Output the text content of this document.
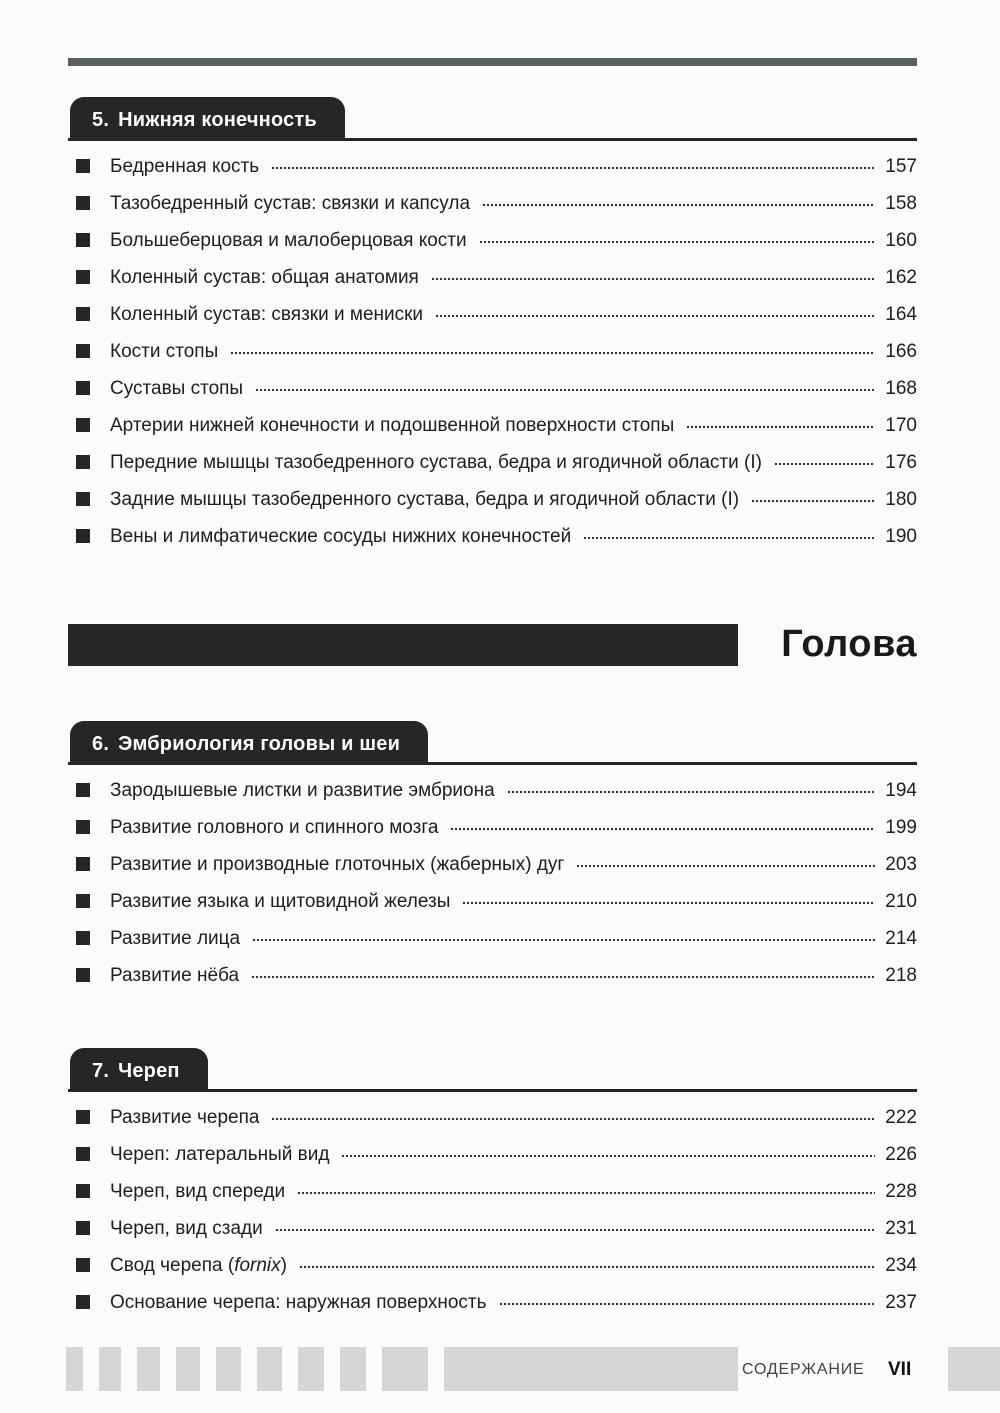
5. Нижняя конечность
Бедренная кость	157
Тазобедренный сустав: связки и капсула	158
Большеберцовая и малоберцовая кости	160
Коленный сустав: общая анатомия	162
Коленный сустав: связки и мениски	164
Кости стопы	166
Суставы стопы	168
Артерии нижней конечности и подошвенной поверхности стопы	170
Передние мышцы тазобедренного сустава, бедра и ягодичной области (I)	176
Задние мышцы тазобедренного сустава, бедра и ягодичной области (I)	180
Вены и лимфатические сосуды нижних конечностей	190
Голова
6. Эмбриология головы и шеи
Зародышевые листки и развитие эмбриона	194
Развитие головного и спинного мозга	199
Развитие и производные глоточных (жаберных) дуг	203
Развитие языка и щитовидной железы	210
Развитие лица	214
Развитие нёба	218
7. Череп
Развитие черепа	222
Череп: латеральный вид	226
Череп, вид спереди	228
Череп, вид сзади	231
Свод черепа (fornix)	234
Основание черепа: наружная поверхность	237
СОДЕРЖАНИЕ VII
